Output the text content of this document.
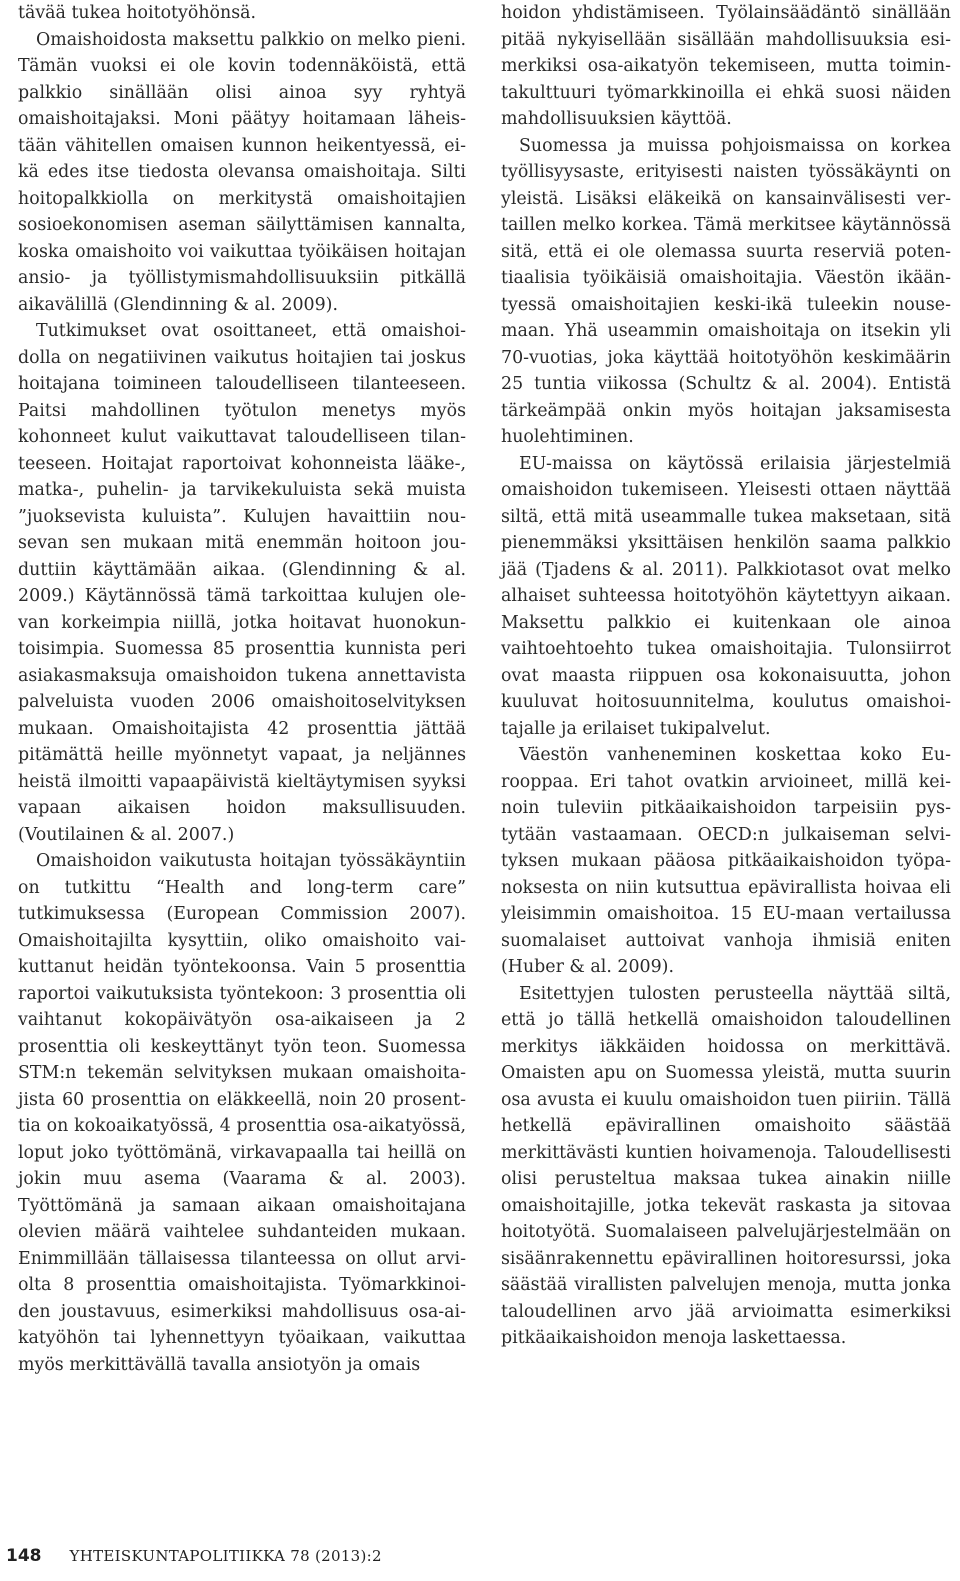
tävää tukea hoitotyöhönsä.

Omaishoidosta maksettu palkkio on melko pieni. Tämän vuoksi ei ole kovin todennäköistä, että palkkio sinällään olisi ainoa syy ryhtyä omaishoitajaksi. Moni päätyy hoitamaan läheistään vähitellen omaisen kunnon heikentyessä, eikä edes itse tiedosta olevansa omaishoitaja. Silti hoitopalkkiolla on merkitystä omaishoitajien sosioekonomisen aseman säilyttämisen kannalta, koska omaishoito voi vaikuttaa työikäisen hoitajan ansio- ja työllistymismahdollisuuksiin pitkällä aikavälillä (Glendinning & al. 2009).

Tutkimukset ovat osoittaneet, että omaishoidolla on negatiivinen vaikutus hoitajien tai joskus hoitajana toimineen taloudelliseen tilanteeseen. Paitsi mahdollinen työtulon menetys myös kohonneet kulut vaikuttavat taloudelliseen tilanteeseen. Hoitajat raportoivat kohonneista lääke-, matka-, puhelin- ja tarvikekuluista sekä muista ”juoksevista kuluista”. Kulujen havaittiin nousevan sen mukaan mitä enemmän hoitoon jouduttiin käyttämään aikaa. (Glendinning & al. 2009.) Käytännössä tämä tarkoittaa kulujen olevan korkeimpia niillä, jotka hoitavat huonokuntoisimpia. Suomessa 85 prosenttia kunnista peri asiakasmaksuja omaishoidon tukena annettavista palveluista vuoden 2006 omaishoitoselvityksen mukaan. Omaishoitajista 42 prosenttia jättää pitämättä heille myönnetyt vapaat, ja neljännes heistä ilmoitti vapaapäivistä kieltäytymisen syyksi vapaan aikaisen hoidon maksullisuuden. (Voutilainen & al. 2007.)

Omaishoidon vaikutusta hoitajan työssäkäyntiin on tutkittu “Health and long-term care” tutkimuksessa (European Commission 2007). Omaishoitajilta kysyttiin, oliko omaishoito vaikuttanut heidän työntekoonsa. Vain 5 prosenttia raportoi vaikutuksista työntekoon: 3 prosenttia oli vaihtanut kokopäivätyön osa-aikaiseen ja 2 prosenttia oli keskeyttänyt työn teon. Suomessa STM:n tekemän selvityksen mukaan omaishoitajista 60 prosenttia on eläkkeellä, noin 20 prosenttia on kokoaikatyössä, 4 prosenttia osa-aikatyössä, loput joko työttömänä, virkavapaalla tai heillä on jokin muu asema (Vaarama & al. 2003). Työttömänä ja samaan aikaan omaishoitajana olevien määrä vaihtelee suhdanteiden mukaan. Enimmillään tällaisessa tilanteessa on ollut arviolta 8 prosenttia omaishoitajista. Työmarkkinoiden joustavuus, esimerkiksi mahdollisuus osa-aikatyöhön tai lyhennettyyn työaikaan, vaikuttaa myös merkittävällä tavalla ansiotyön ja omais

hoidon yhdistämiseen. Työlainsäädäntö sinällään pitää nykyisellään sisällään mahdollisuuksia esimerkiksi osa-aikatyön tekemiseen, mutta toimintakulttuuri työmarkkinoilla ei ehkä suosi näiden mahdollisuuksien käyttöä.

Suomessa ja muissa pohjoismaissa on korkea työllisyysaste, erityisesti naisten työssäkäynti on yleistä. Lisäksi eläkeikä on kansainvälisesti vertaillen melko korkea. Tämä merkitsee käytännössä sitä, että ei ole olemassa suurta reserviä potentiaalisia työikäisiä omaishoitajia. Väestön ikääntyessä omaishoitajien keski-ikä tuleekin nousemaan. Yhä useammin omaishoitaja on itsekin yli 70-vuotias, joka käyttää hoitotyöhön keskimäärin 25 tuntia viikossa (Schultz & al. 2004). Entistä tärkeämpää onkin myös hoitajan jaksamisesta huolehtiminen.

EU-maissa on käytössä erilaisia järjestelmiä omaishoidon tukemiseen. Yleisesti ottaen näyttää siltä, että mitä useammalle tukea maksetaan, sitä pienemmäksi yksittäisen henkilön saama palkkio jää (Tjadens & al. 2011). Palkkiotasot ovat melko alhaiset suhteessa hoitotyöhön käytettyyn aikaan. Maksettu palkkio ei kuitenkaan ole ainoa vaihtoehtoehto tukea omaishoitajia. Tulonsiirrot ovat maasta riippuen osa kokonaisuutta, johon kuuluvat hoitosuunnitelma, koulutus omaishoitajalle ja erilaiset tukipalvelut.

Väestön vanheneminen koskettaa koko Eurooppaa. Eri tahot ovatkin arvioineet, millä keinoin tuleviin pitkäaikaishoidon tarpeisiin pystytään vastaamaan. OECD:n julkaiseman selvityksen mukaan pääosa pitkäaikaishoidon työpanoksesta on niin kutsuttua epävirallista hoivaa eli yleisimmin omaishoitoa. 15 EU-maan vertailussa suomalaiset auttoivat vanhoja ihmisiä eniten (Huber & al. 2009).

Esitettyjen tulosten perusteella näyttää siltä, että jo tällä hetkellä omaishoidon taloudellinen merkitys iäkkäiden hoidossa on merkittävä. Omaisten apu on Suomessa yleistä, mutta suurin osa avusta ei kuulu omaishoidon tuen piiriin. Tällä hetkellä epävirallinen omaishoito säästää merkittävästi kuntien hoivamenoja. Taloudellisesti olisi perusteltua maksaa tukea ainakin niille omaishoitajille, jotka tekevät raskasta ja sitovaa hoitotyötä. Suomalaiseen palvelujärjestelmään on sisäänrakennettu epävirallinen hoitoresurssi, joka säästää virallisten palvelujen menoja, mutta jonka taloudellinen arvo jää arvioimatta esimerkiksi pitkäaikaishoidon menoja laskettaessa.

148 YHTEISKUNTAPOLITIIKKA 78 (2013):2
